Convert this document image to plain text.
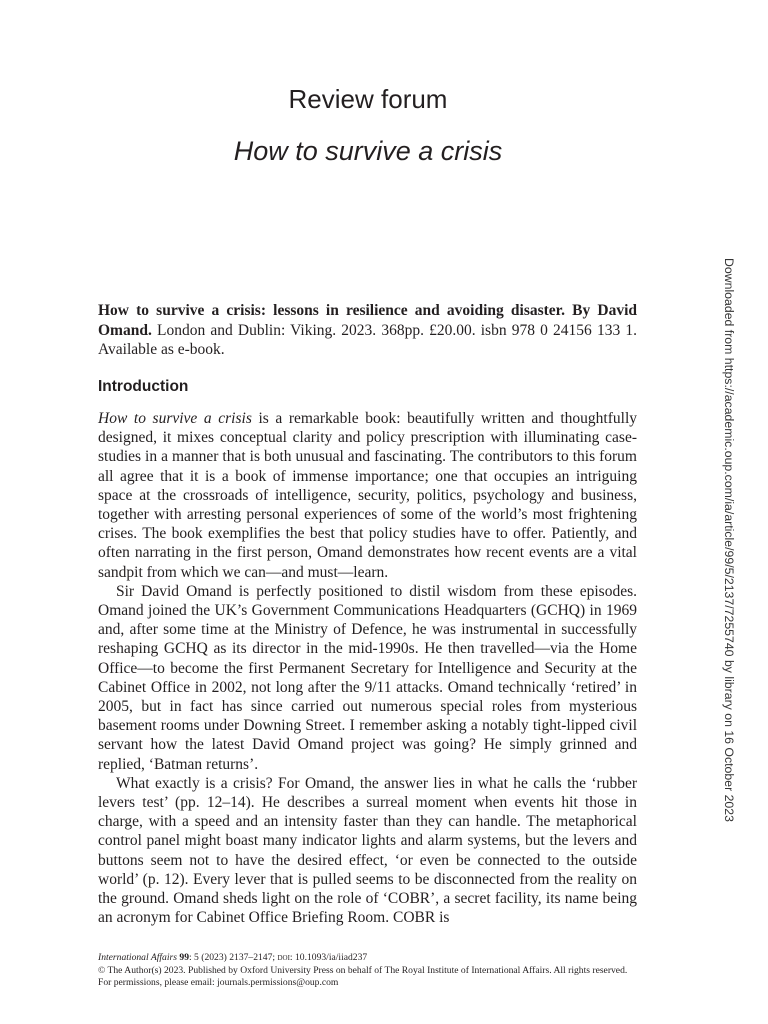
Review forum
How to survive a crisis
How to survive a crisis: lessons in resilience and avoiding disaster. By David Omand. London and Dublin: Viking. 2023. 368pp. £20.00. isbn 978 0 24156 133 1. Available as e-book.
Introduction

How to survive a crisis is a remarkable book: beautifully written and thoughtfully designed, it mixes conceptual clarity and policy prescription with illuminating case-studies in a manner that is both unusual and fascinating. The contributors to this forum all agree that it is a book of immense importance; one that occupies an intriguing space at the crossroads of intelligence, security, politics, psychology and business, together with arresting personal experiences of some of the world’s most frightening crises. The book exemplifies the best that policy studies have to offer. Patiently, and often narrating in the first person, Omand demonstrates how recent events are a vital sandpit from which we can—and must—learn.

Sir David Omand is perfectly positioned to distil wisdom from these episodes. Omand joined the UK’s Government Communications Headquarters (GCHQ) in 1969 and, after some time at the Ministry of Defence, he was instrumental in successfully reshaping GCHQ as its director in the mid-1990s. He then travelled—via the Home Office—to become the first Permanent Secretary for Intelligence and Security at the Cabinet Office in 2002, not long after the 9/11 attacks. Omand technically ‘retired’ in 2005, but in fact has since carried out numerous special roles from mysterious basement rooms under Downing Street. I remember asking a notably tight-lipped civil servant how the latest David Omand project was going? He simply grinned and replied, ‘Batman returns’.

What exactly is a crisis? For Omand, the answer lies in what he calls the ‘rubber levers test’ (pp. 12–14). He describes a surreal moment when events hit those in charge, with a speed and an intensity faster than they can handle. The metaphorical control panel might boast many indicator lights and alarm systems, but the levers and buttons seem not to have the desired effect, ‘or even be connected to the outside world’ (p. 12). Every lever that is pulled seems to be disconnected from the reality on the ground. Omand sheds light on the role of ‘COBR’, a secret facility, its name being an acronym for Cabinet Office Briefing Room. COBR is

International Affairs 99: 5 (2023) 2137–2147; doi: 10.1093/ia/iiad237
© The Author(s) 2023. Published by Oxford University Press on behalf of The Royal Institute of International Affairs. All rights reserved. For permissions, please email: journals.permissions@oup.com
Downloaded from https://academic.oup.com/ia/article/99/5/2137/7255740 by library on 16 October 2023
